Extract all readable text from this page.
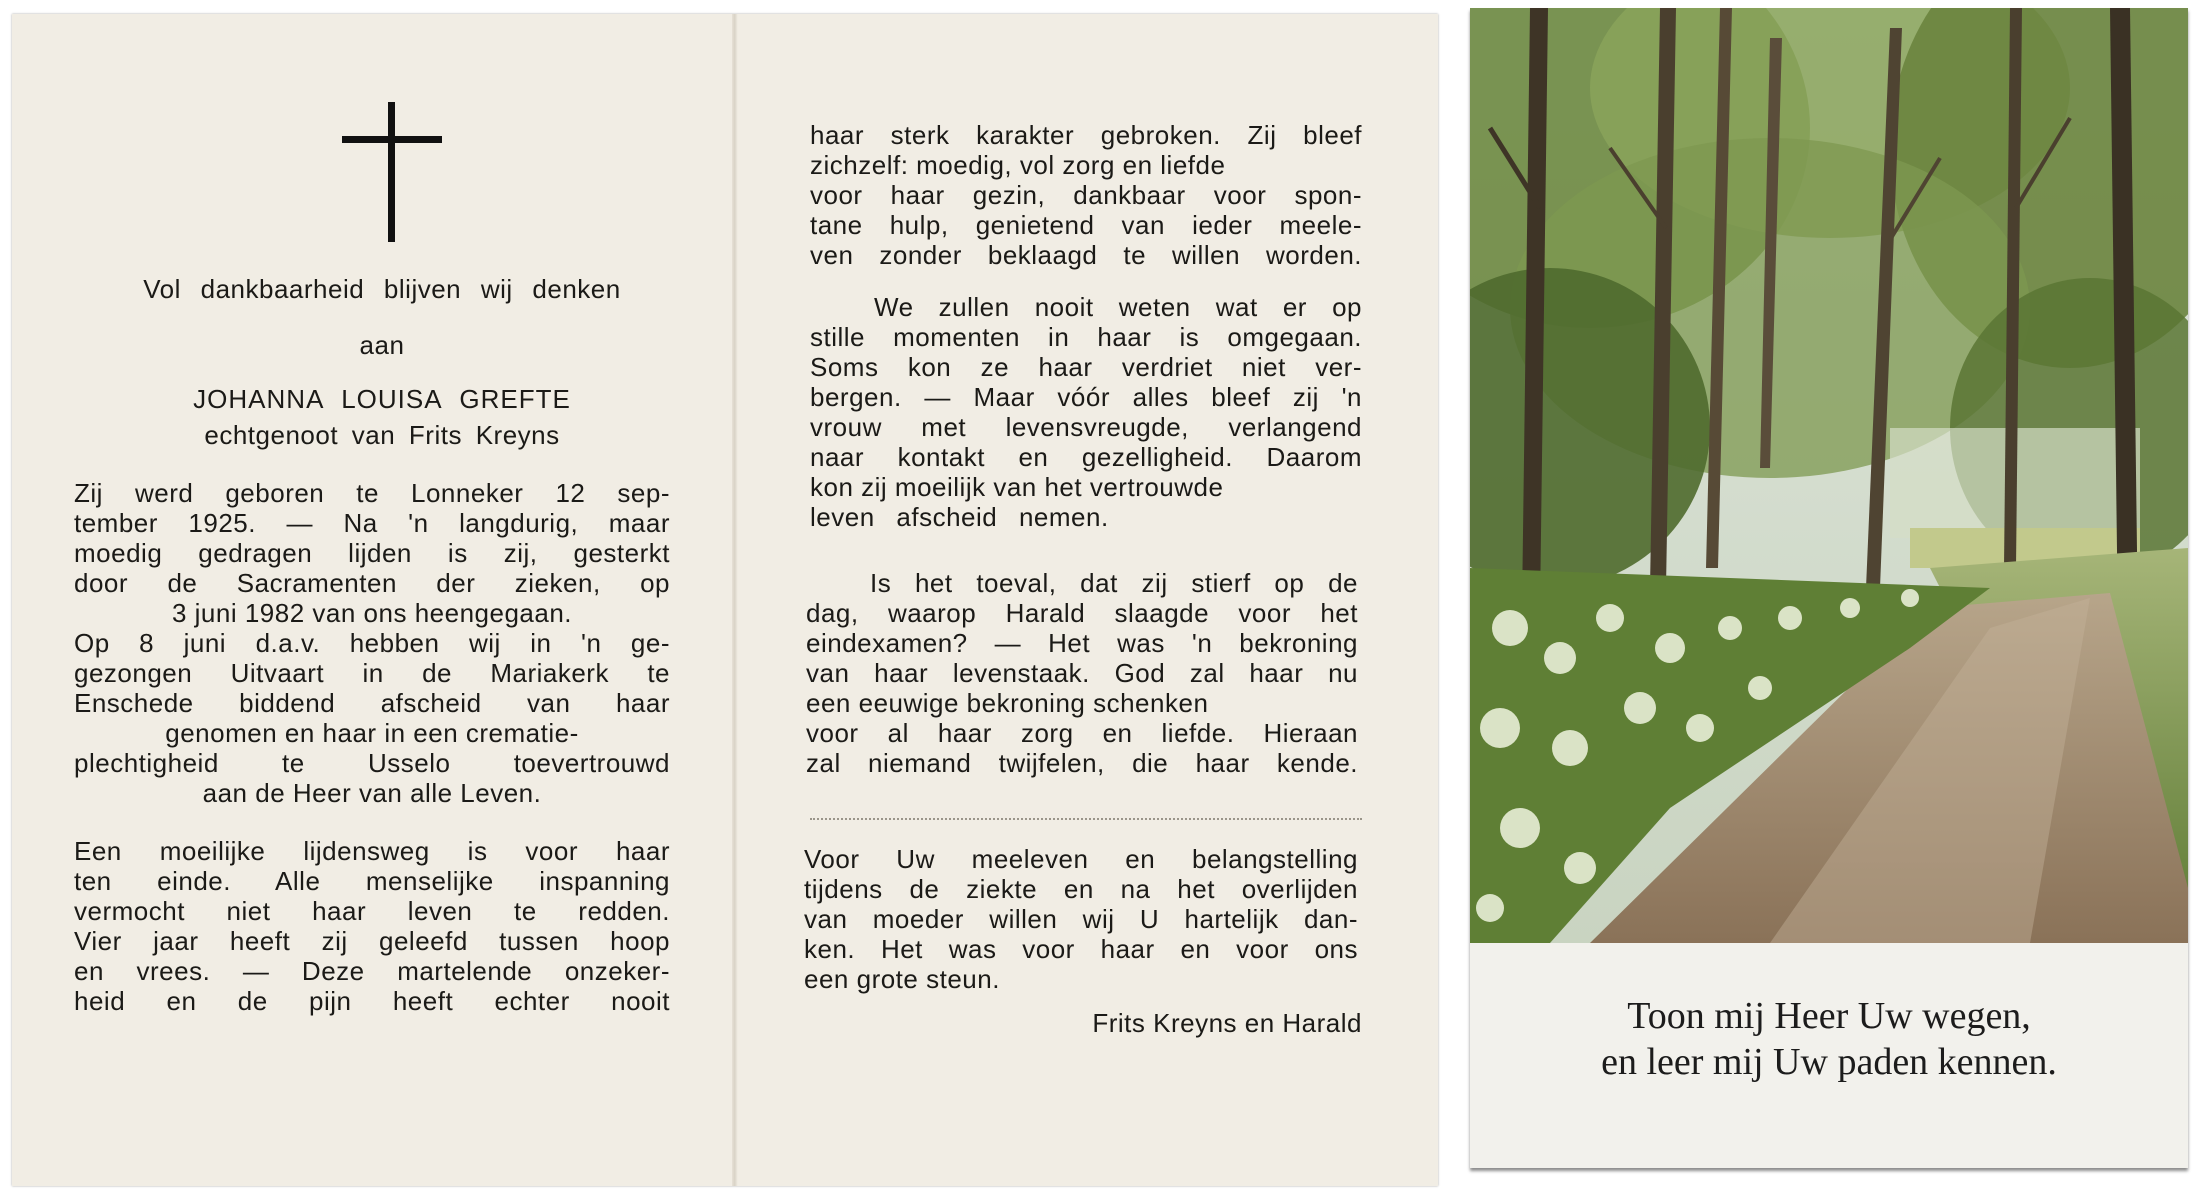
Vol dankbaarheid blijven wij denken
aan
JOHANNA LOUISA GREFTE
echtgenoot van Frits Kreyns
Zij werd geboren te Lonneker 12 sep-
tember 1925. — Na 'n langdurig, maar
moedig gedragen lijden is zij, gesterkt
door de Sacramenten der zieken, op
3 juni 1982 van ons heengegaan.
Op 8 juni d.a.v. hebben wij in 'n ge-
gezongen Uitvaart in de Mariakerk te
Enschede biddend afscheid van haar
genomen en haar in een crematie-
plechtigheid te Usselo toevertrouwd
aan de Heer van alle Leven.
Een moeilijke lijdensweg is voor haar
ten einde. Alle menselijke inspanning
vermocht niet haar leven te redden.
Vier jaar heeft zij geleefd tussen hoop
en vrees. — Deze martelende onzeker-
heid en de pijn heeft echter nooit
haar sterk karakter gebroken. Zij bleef
zichzelf: moedig, vol zorg en liefde
voor haar gezin, dankbaar voor spon-
tane hulp, genietend van ieder meele-
ven zonder beklaagd te willen worden.
We zullen nooit weten wat er op
stille momenten in haar is omgegaan.
Soms kon ze haar verdriet niet ver-
bergen. — Maar vóór alles bleef zij 'n
vrouw met levensvreugde, verlangend
naar kontakt en gezelligheid. Daarom
kon zij moeilijk van het vertrouwde
leven afscheid nemen.
Is het toeval, dat zij stierf op de
dag, waarop Harald slaagde voor het
eindexamen? — Het was 'n bekroning
van haar levenstaak. God zal haar nu
een eeuwige bekroning schenken
voor al haar zorg en liefde. Hieraan
zal niemand twijfelen, die haar kende.
Voor Uw meeleven en belangstelling
tijdens de ziekte en na het overlijden
van moeder willen wij U hartelijk dan-
ken. Het was voor haar en voor ons
een grote steun.
Frits Kreyns en Harald	Toon mij Heer Uw wegen,
en leer mij Uw paden kennen.
